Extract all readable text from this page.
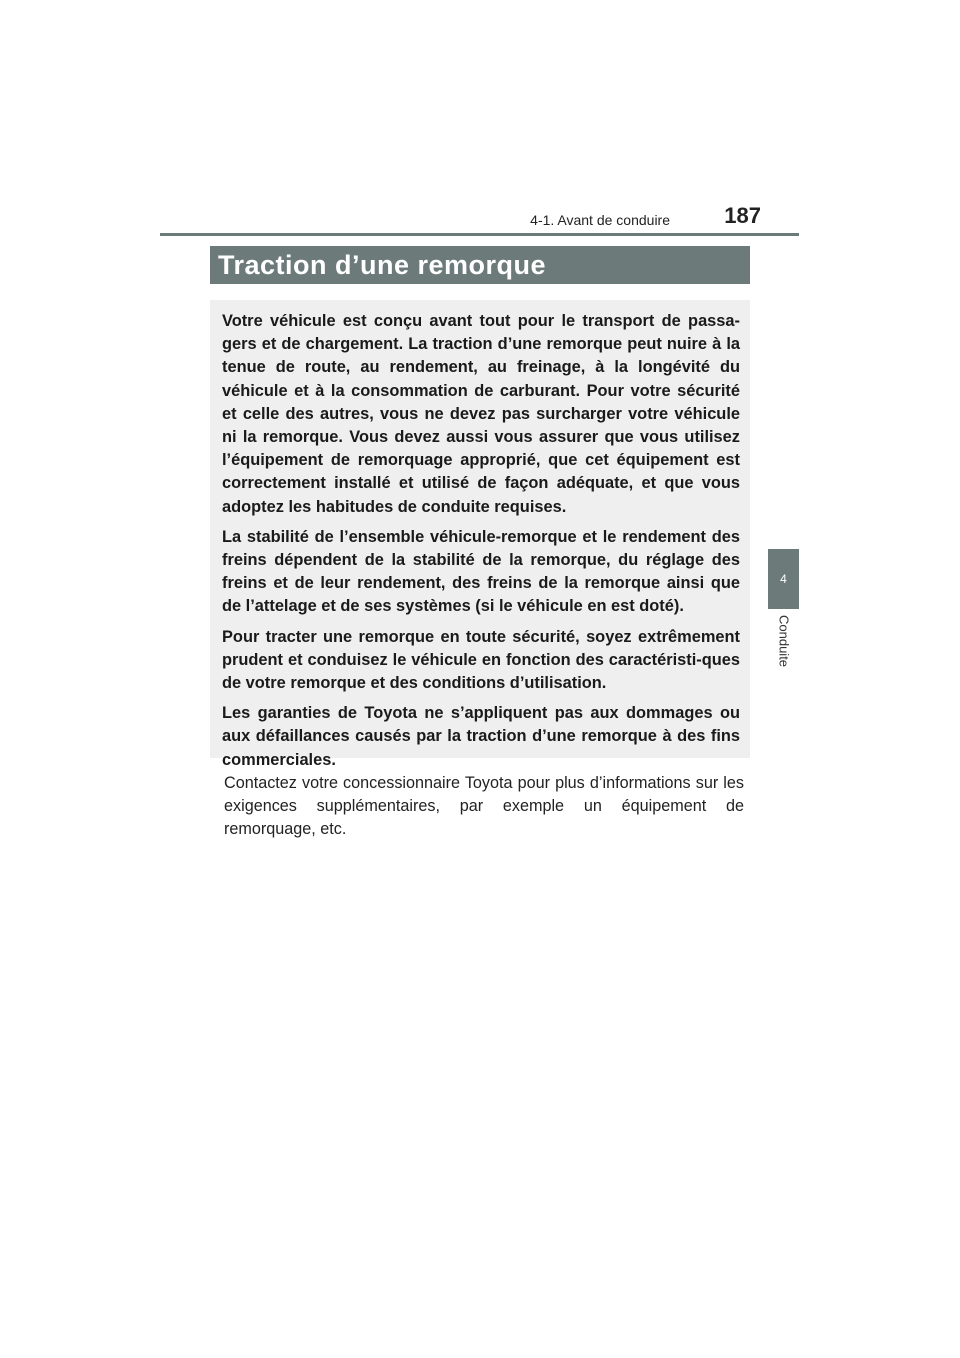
4-1. Avant de conduire	187
4
Conduite
Traction d’une remorque

Votre véhicule est conçu avant tout pour le transport de passa-gers et de chargement. La traction d’une remorque peut nuire à la tenue de route, au rendement, au freinage, à la longévité du véhicule et à la consommation de carburant. Pour votre sécurité et celle des autres, vous ne devez pas surcharger votre véhicule ni la remorque. Vous devez aussi vous assurer que vous utilisez l’équipement de remorquage approprié, que cet équipement est correctement installé et utilisé de façon adéquate, et que vous adoptez les habitudes de conduite requises.

La stabilité de l’ensemble véhicule-remorque et le rendement des freins dépendent de la stabilité de la remorque, du réglage des freins et de leur rendement, des freins de la remorque ainsi que de l’attelage et de ses systèmes (si le véhicule en est doté).

Pour tracter une remorque en toute sécurité, soyez extrêmement prudent et conduisez le véhicule en fonction des caractéristi-ques de votre remorque et des conditions d’utilisation.

Les garanties de Toyota ne s’appliquent pas aux dommages ou aux défaillances causés par la traction d’une remorque à des fins commerciales.

Contactez votre concessionnaire Toyota pour plus d’informations sur les exigences supplémentaires, par exemple un équipement de remorquage, etc.
